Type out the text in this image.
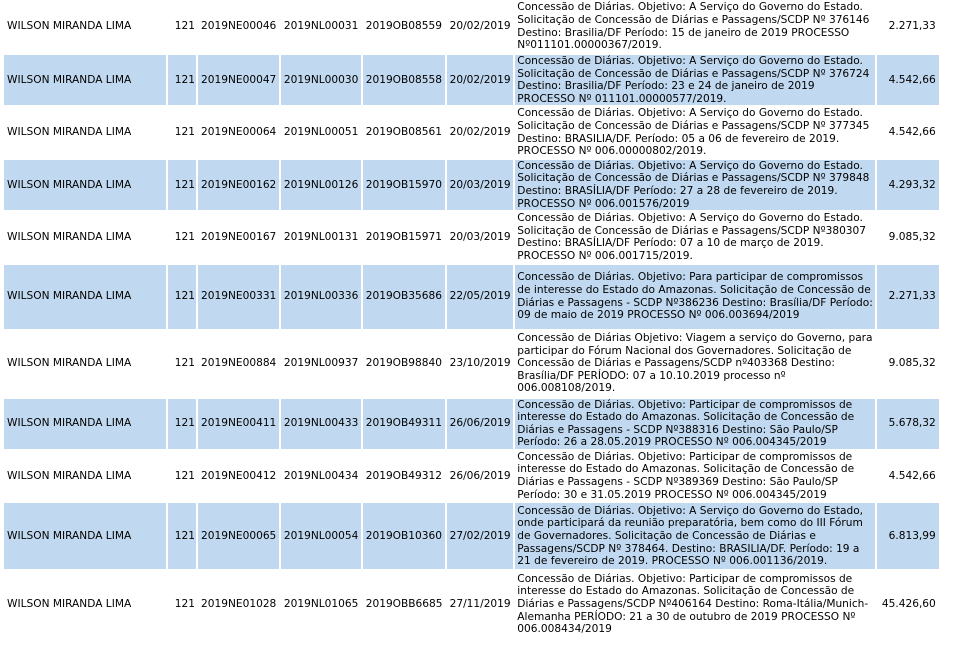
WILSON MIRANDA LIMA	121	2019NE00046	2019NL00031	2019OB08559	20/02/2019	Concessão de Diárias. Objetivo: A Serviço do Governo do Estado. Solicitação de Concessão de Diárias e Passagens/SCDP Nº 376146 Destino: Brasilia/DF Período: 15 de janeiro de 2019 PROCESSO Nº011101.00000367/2019.	2.271,33	
WILSON MIRANDA LIMA	121	2019NE00047	2019NL00030	2019OB08558	20/02/2019	Concessão de Diárias. Objetivo: A Serviço do Governo do Estado. Solicitação de Concessão de Diárias e Passagens/SCDP Nº 376724 Destino: Brasilia/DF Período: 23 e 24 de janeiro de 2019 PROCESSO Nº 011101.00000577/2019.	4.542,66	
WILSON MIRANDA LIMA	121	2019NE00064	2019NL00051	2019OB08561	20/02/2019	Concessão de Diárias. Objetivo: A Serviço do Governo do Estado. Solicitação de Concessão de Diárias e Passagens/SCDP Nº 377345 Destino: BRASILIA/DF. Período: 05 a 06 de fevereiro de 2019. PROCESSO Nº 006.00000802/2019.	4.542,66	
WILSON MIRANDA LIMA	121	2019NE00162	2019NL00126	2019OB15970	20/03/2019	Concessão de Diárias. Objetivo: A Serviço do Governo do Estado. Solicitação de Concessão de Diárias e Passagens/SCDP Nº 379848 Destino: BRASÍLIA/DF Período: 27 a 28 de fevereiro de 2019. PROCESSO Nº 006.001576/2019	4.293,32	
WILSON MIRANDA LIMA	121	2019NE00167	2019NL00131	2019OB15971	20/03/2019	Concessão de Diárias. Objetivo: A Serviço do Governo do Estado. Solicitação de Concessão de Diárias e Passagens/SCDP Nº380307 Destino: BRASÍLIA/DF Período: 07 a 10 de março de 2019. PROCESSO Nº 006.001715/2019.	9.085,32	
WILSON MIRANDA LIMA	121	2019NE00331	2019NL00336	2019OB35686	22/05/2019	Concessão de Diárias. Objetivo: Para participar de compromissos de interesse do Estado do Amazonas. Solicitação de Concessão de Diárias e Passagens - SCDP Nº386236 Destino: Brasília/DF Período: 09 de maio de 2019 PROCESSO Nº 006.003694/2019	2.271,33	
WILSON MIRANDA LIMA	121	2019NE00884	2019NL00937	2019OB98840	23/10/2019	Concessão de Diárias Objetivo: Viagem a serviço do Governo, para participar do Fórum Nacional dos Governadores. Solicitação de Concessão de Diárias e Passagens/SCDP nº403368 Destino: Brasília/DF PERÍODO: 07 a 10.10.2019 processo nº 006.008108/2019.	9.085,32	
WILSON MIRANDA LIMA	121	2019NE00411	2019NL00433	2019OB49311	26/06/2019	Concessão de Diárias. Objetivo: Participar de compromissos de interesse do Estado do Amazonas. Solicitação de Concessão de Diárias e Passagens - SCDP Nº388316 Destino: São Paulo/SP Período: 26 a 28.05.2019 PROCESSO Nº 006.004345/2019	5.678,32	
WILSON MIRANDA LIMA	121	2019NE00412	2019NL00434	2019OB49312	26/06/2019	Concessão de Diárias. Objetivo: Participar de compromissos de interesse do Estado do Amazonas. Solicitação de Concessão de Diárias e Passagens - SCDP Nº389369 Destino: São Paulo/SP Período: 30 e 31.05.2019 PROCESSO Nº 006.004345/2019	4.542,66	
WILSON MIRANDA LIMA	121	2019NE00065	2019NL00054	2019OB10360	27/02/2019	Concessão de Diárias. Objetivo: A Serviço do Governo do Estado, onde participará da reunião preparatória, bem como do III Fórum de Governadores. Solicitação de Concessão de Diárias e Passagens/SCDP Nº 378464. Destino: BRASILIA/DF. Período: 19 a 21 de fevereiro de 2019. PROCESSO Nº 006.001136/2019.	6.813,99	
WILSON MIRANDA LIMA	121	2019NE01028	2019NL01065	2019OBB6685	27/11/2019	Concessão de Diárias. Objetivo: Participar de compromissos de interesse do Estado do Amazonas. Solicitação de Concessão de Diárias e Passagens/SCDP Nº406164 Destino: Roma-Itália/Munich-Alemanha PERÍODO: 21 a 30 de outubro de 2019 PROCESSO Nº 006.008434/2019	45.426,60	
